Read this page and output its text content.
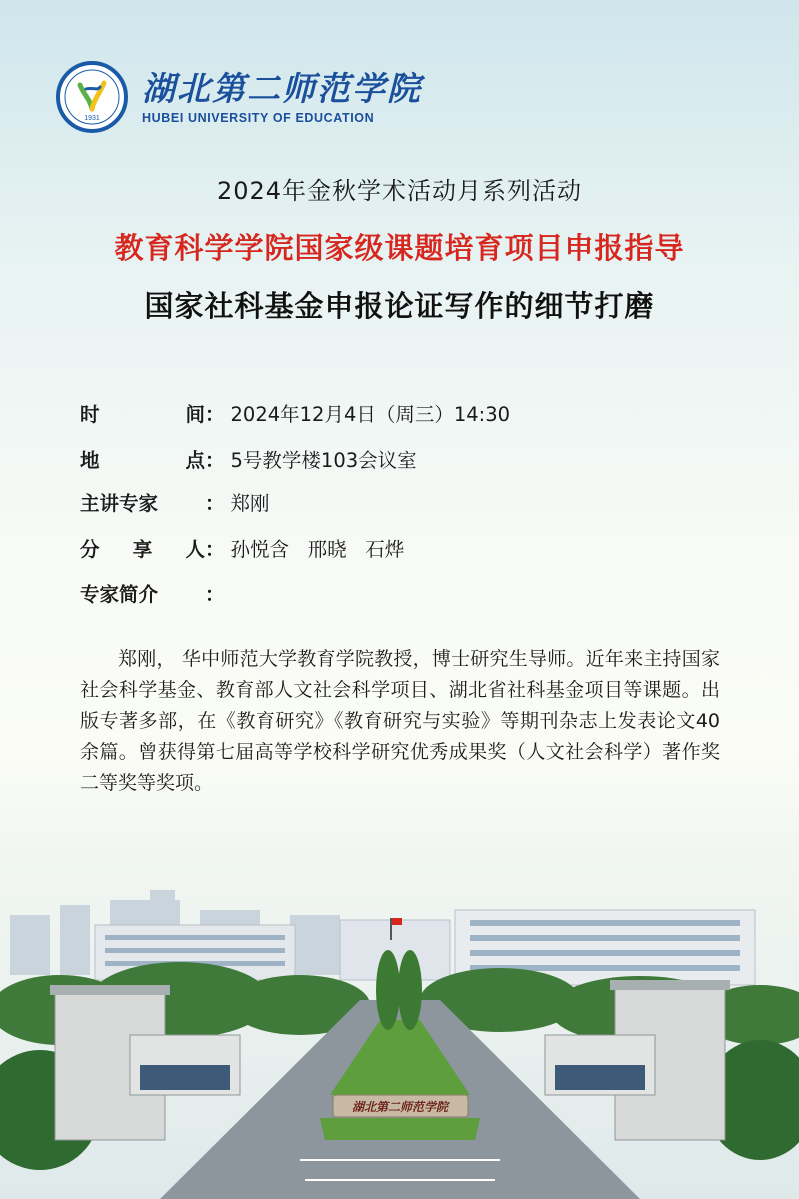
1931
湖北第二师范学院
HUBEI UNIVERSITY OF EDUCATION
2024年金秋学术活动月系列活动
教育科学学院国家级课题培育项目申报指导
国家社科基金申报论证写作的细节打磨
时	间 ： 2024年12月4日（周三）14:30
地	点 ： 5号教学楼103会议室
主讲专家	： 郑刚
分 享 人 ： 孙悦含   邢晓   石烨
专家简介	：
郑刚， 华中师范大学教育学院教授，博士研究生导师。近年来主持国家社会科学基金、教育部人文社会科学项目、湖北省社科基金项目等课题。出版专著多部，在《教育研究》《教育研究与实验》等期刊杂志上发表论文40余篇。曾获得第七届高等学校科学研究优秀成果奖（人文社会科学）著作奖二等奖等奖项。
湖北第二师范学院
